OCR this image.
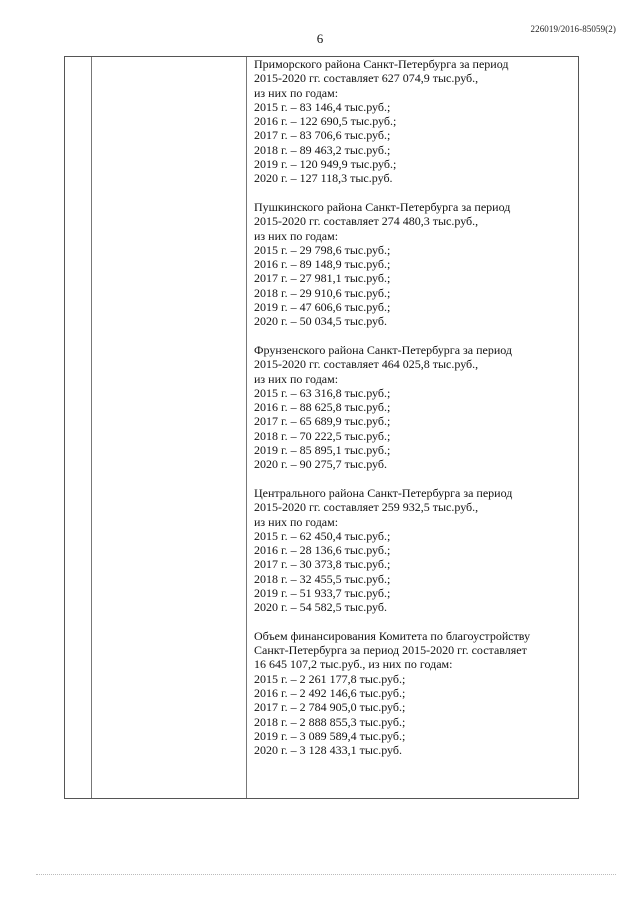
226019/2016-85059(2)
6
Приморского района Санкт-Петербурга за период
2015-2020 гг. составляет 627 074,9 тыс.руб.,
из них по годам:
2015 г. – 83 146,4 тыс.руб.;
2016 г. – 122 690,5 тыс.руб.;
2017 г. – 83 706,6 тыс.руб.;
2018 г. – 89 463,2 тыс.руб.;
2019 г. – 120 949,9 тыс.руб.;
2020 г. – 127 118,3 тыс.руб.
Пушкинского района Санкт-Петербурга за период
2015-2020 гг. составляет 274 480,3 тыс.руб.,
из них по годам:
2015 г. – 29 798,6 тыс.руб.;
2016 г. – 89 148,9 тыс.руб.;
2017 г. – 27 981,1 тыс.руб.;
2018 г. – 29 910,6 тыс.руб.;
2019 г. – 47 606,6 тыс.руб.;
2020 г. – 50 034,5 тыс.руб.
Фрунзенского района Санкт-Петербурга за период
2015-2020 гг. составляет 464 025,8 тыс.руб.,
из них по годам:
2015 г. – 63 316,8 тыс.руб.;
2016 г. – 88 625,8 тыс.руб.;
2017 г. – 65 689,9 тыс.руб.;
2018 г. – 70 222,5 тыс.руб.;
2019 г. – 85 895,1 тыс.руб.;
2020 г. – 90 275,7 тыс.руб.
Центрального района Санкт-Петербурга за период
2015-2020 гг. составляет 259 932,5 тыс.руб.,
из них по годам:
2015 г. – 62 450,4 тыс.руб.;
2016 г. – 28 136,6 тыс.руб.;
2017 г. – 30 373,8 тыс.руб.;
2018 г. – 32 455,5 тыс.руб.;
2019 г. – 51 933,7 тыс.руб.;
2020 г. – 54 582,5 тыс.руб.
Объем финансирования Комитета по благоустройству
Санкт-Петербурга за период 2015-2020 гг. составляет
16 645 107,2 тыс.руб., из них по годам:
2015 г. – 2 261 177,8 тыс.руб.;
2016 г. – 2 492 146,6 тыс.руб.;
2017 г. – 2 784 905,0 тыс.руб.;
2018 г. – 2 888 855,3 тыс.руб.;
2019 г. – 3 089 589,4 тыс.руб.;
2020 г. – 3 128 433,1 тыс.руб.
